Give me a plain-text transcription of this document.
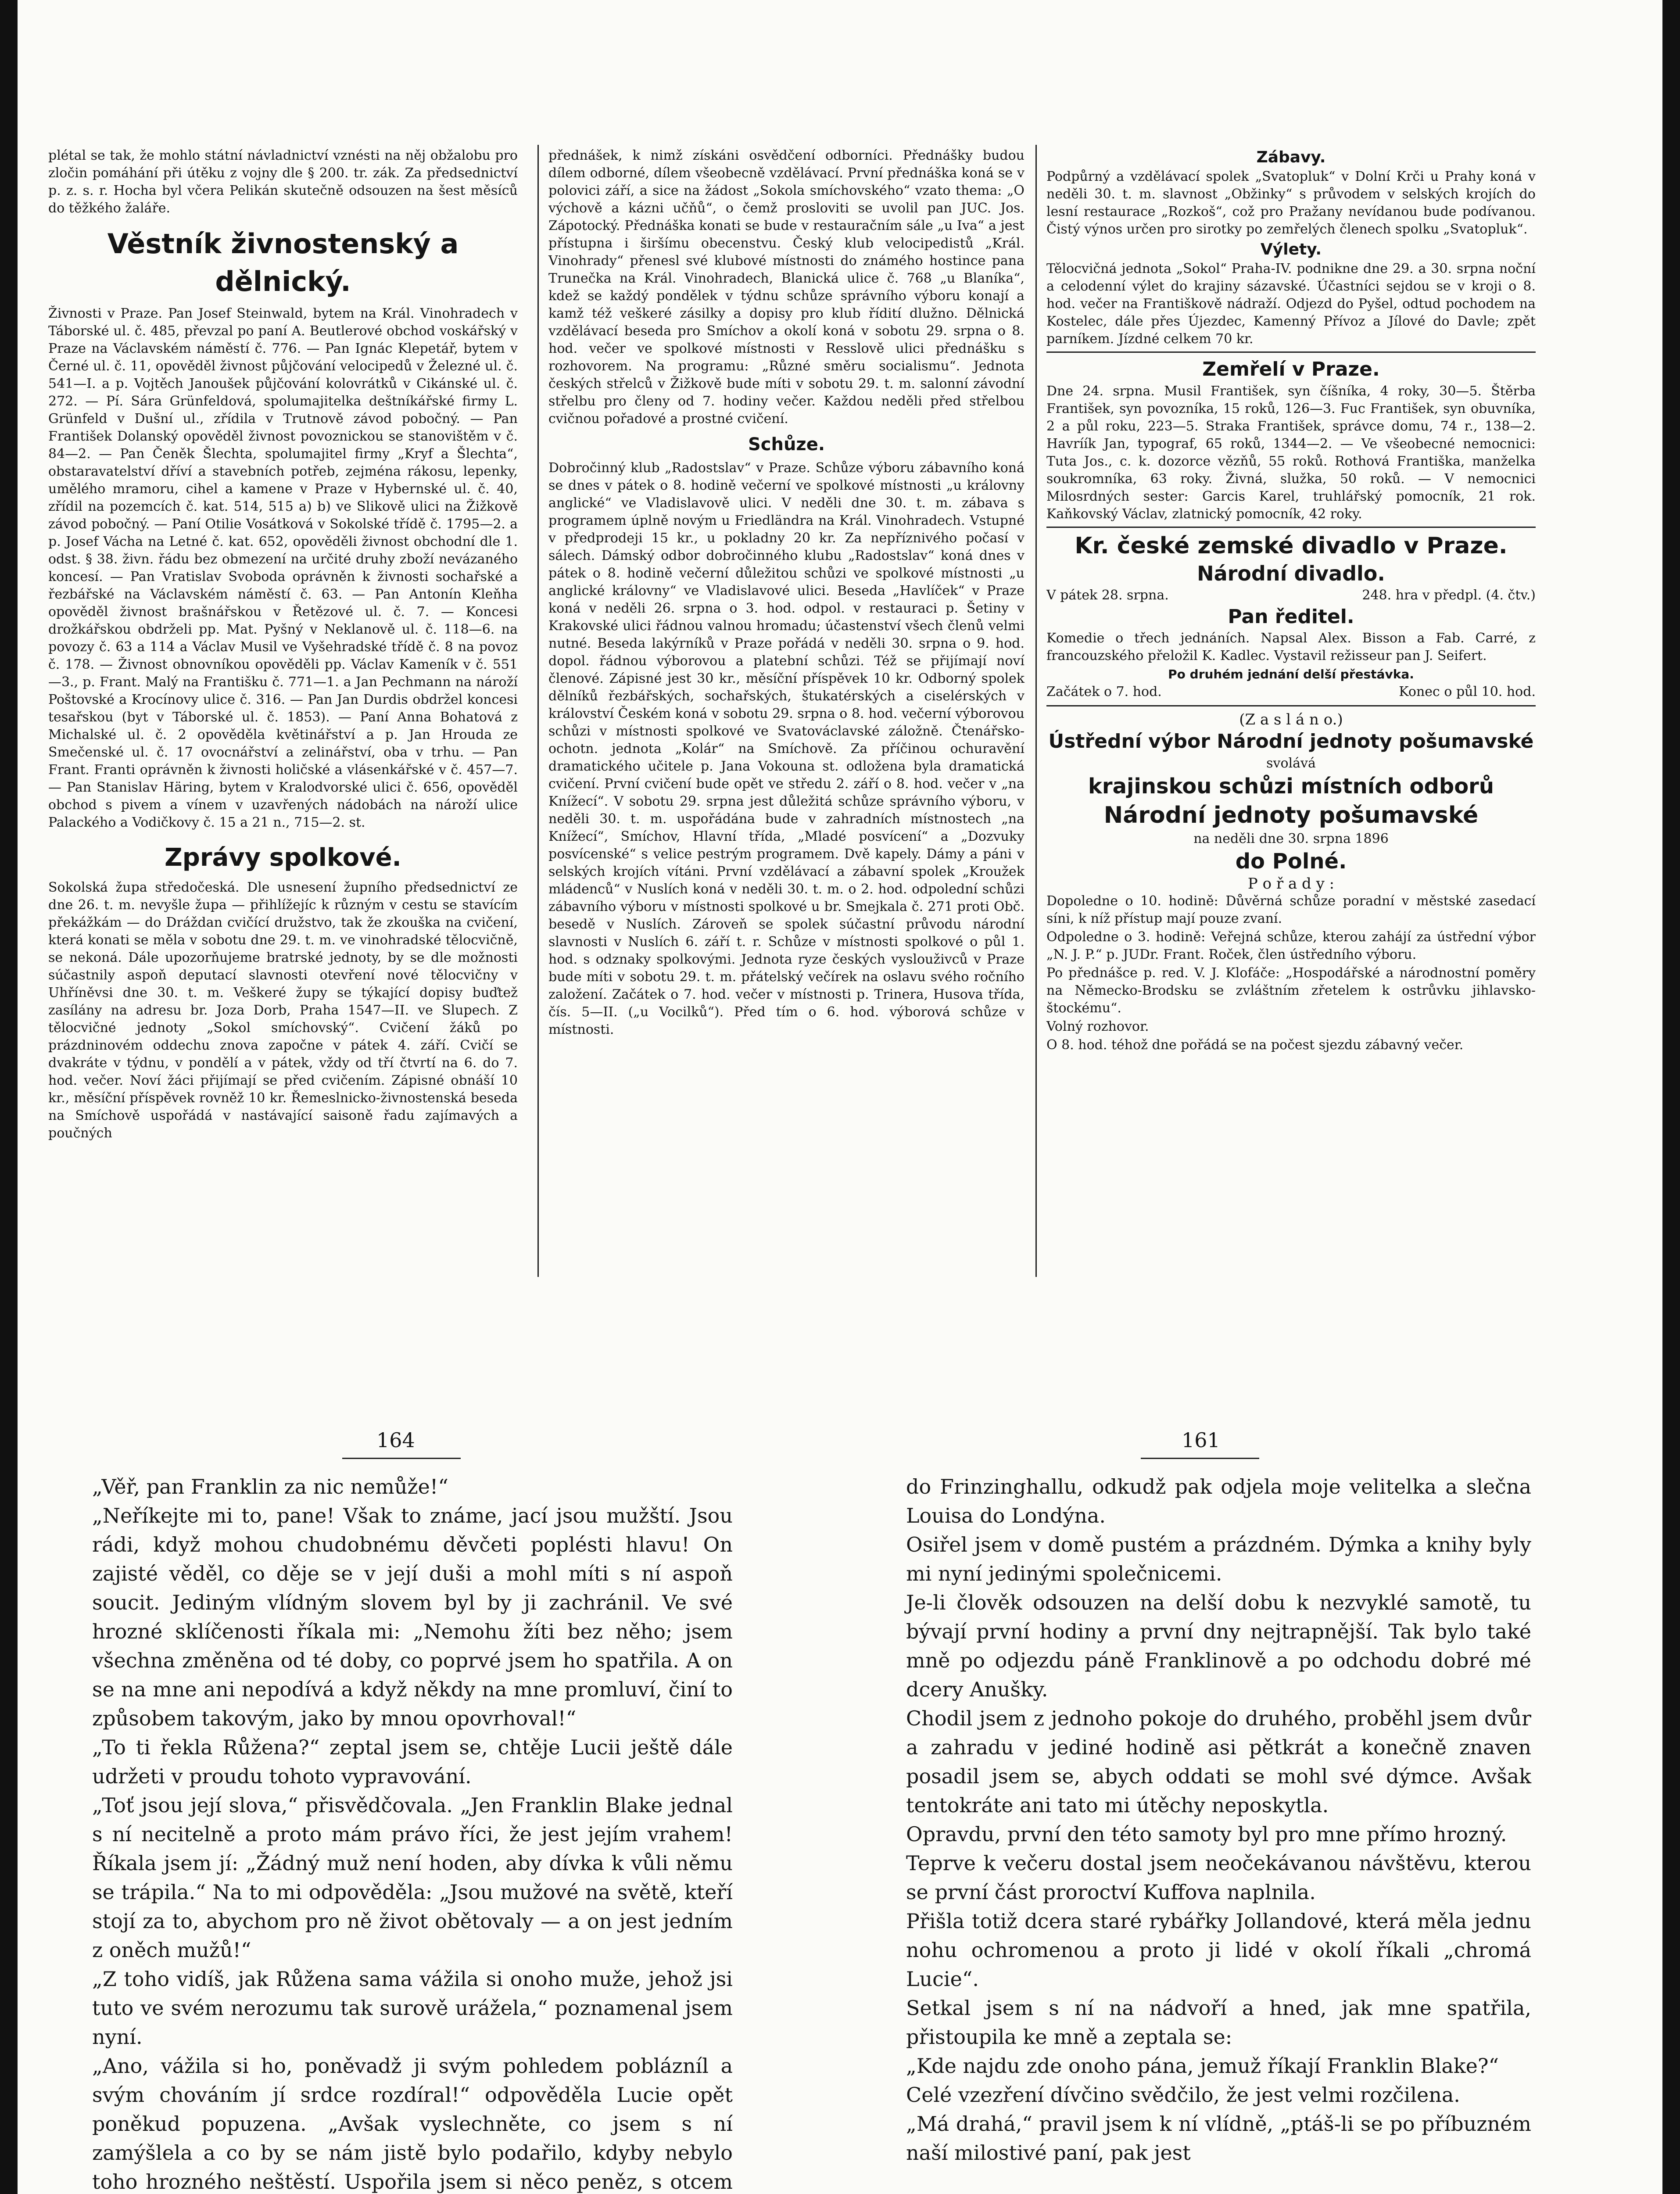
plétal se tak, že mohlo státní návladnictví vznésti na něj obžalobu pro zločin pomáhání při útěku z vojny dle § 200. tr. zák. Za předsednictví p. z. s. r. Hocha byl včera Pelikán skutečně odsouzen na šest měsíců do těžkého žaláře.

Věstník živnostenský a dělnický.

Živnosti v Praze. Pan Josef Steinwald, bytem na Král. Vinohradech v Táborské ul. č. 485, převzal po paní A. Beutlerové obchod voskářský v Praze na Václavském náměstí č. 776. — Pan Ignác Klepetář, bytem v Černé ul. č. 11, opověděl živnost půjčování velocipedů v Železné ul. č. 541—I. a p. Vojtěch Janoušek půjčování kolovrátků v Cikánské ul. č. 272. — Pí. Sára Grünfeldová, spolumajitelka deštníkářské firmy L. Grünfeld v Dušní ul., zřídila v Trutnově závod pobočný. — Pan František Dolanský opověděl živnost povoznickou se stanovištěm v č. 84—2. — Pan Čeněk Šlechta, spolumajitel firmy „Kryf a Šlechta“, obstaravatelství dříví a stavebních potřeb, zejména rákosu, lepenky, umělého mramoru, cihel a kamene v Praze v Hybernské ul. č. 40, zřídil na pozemcích č. kat. 514, 515 a) b) ve Slikově ulici na Žižkově závod pobočný. — Paní Otilie Vosátková v Sokolské třídě č. 1795—2. a p. Josef Vácha na Letné č. kat. 652, opověděli živnost obchodní dle 1. odst. § 38. živn. řádu bez obmezení na určité druhy zboží nevázaného koncesí. — Pan Vratislav Svoboda oprávněn k živnosti sochařské a řezbářské na Václavském náměstí č. 63. — Pan Antonín Kleňha opověděl živnost brašnářskou v Řetězové ul. č. 7. — Koncesi drožkářskou obdrželi pp. Mat. Pyšný v Neklanově ul. č. 118—6. na povozy č. 63 a 114 a Václav Musil ve Vyšehradské třídě č. 8 na povoz č. 178. — Živnost obnovníkou opověděli pp. Václav Kameník v č. 551—3., p. Frant. Malý na Františku č. 771—1. a Jan Pechmann na nároží Poštovské a Krocínovy ulice č. 316. — Pan Jan Durdis obdržel koncesi tesařskou (byt v Táborské ul. č. 1853). — Paní Anna Bohatová z Michalské ul. č. 2 opověděla květinářství a p. Jan Hrouda ze Smečenské ul. č. 17 ovocnářství a zelinářství, oba v trhu. — Pan Frant. Franti oprávněn k živnosti holičské a vlásenkářské v č. 457—7. — Pan Stanislav Häring, bytem v Kralodvorské ulici č. 656, opověděl obchod s pivem a vínem v uzavřených nádobách na nároží ulice Palackého a Vodičkovy č. 15 a 21 n., 715—2. st.

Zprávy spolkové.

Sokolská župa středočeská. Dle usnesení župního předsednictví ze dne 26. t. m. nevyšle župa — přihlížejíc k různým v cestu se stavícím překážkám — do Dráždan cvičící družstvo, tak že zkouška na cvičení, která konati se měla v sobotu dne 29. t. m. ve vinohradské tělocvičně, se nekoná. Dále upozorňujeme bratrské jednoty, by se dle možnosti súčastnily aspoň deputací slavnosti otevření nové tělocvičny v Uhříněvsi dne 30. t. m. Veškeré župy se týkající dopisy buďtež zasílány na adresu br. Joza Dorb, Praha 1547—II. ve Slupech. Z tělocvičné jednoty „Sokol smíchovský“. Cvičení žáků po prázdninovém oddechu znova započne v pátek 4. září. Cvičí se dvakráte v týdnu, v pondělí a v pátek, vždy od tří čtvrtí na 6. do 7. hod. večer. Noví žáci přijímají se před cvičením. Zápisné obnáší 10 kr., měsíční příspěvek rovněž 10 kr. Řemeslnicko-živnostenská beseda na Smíchově uspořádá v nastávající saisoně řadu zajímavých a poučných

přednášek, k nimž získáni osvědčení odborníci. Přednášky budou dílem odborné, dílem všeobecně vzdělávací. První přednáška koná se v polovici září, a sice na žádost „Sokola smíchovského“ vzato thema: „O výchově a kázni učňů“, o čemž prosloviti se uvolil pan JUC. Jos. Zápotocký. Přednáška konati se bude v restauračním sále „u Iva“ a jest přístupna i širšímu obecenstvu. Český klub velocipedistů „Král. Vinohrady“ přenesl své klubové místnosti do známého hostince pana Trunečka na Král. Vinohradech, Blanická ulice č. 768 „u Blaníka“, kdež se každý pondělek v týdnu schůze správního výboru konají a kamž též veškeré zásilky a dopisy pro klub řídití dlužno. Dělnická vzdělávací beseda pro Smíchov a okolí koná v sobotu 29. srpna o 8. hod. večer ve spolkové místnosti v Resslově ulici přednášku s rozhovorem. Na programu: „Různé směru socialismu“. Jednota českých střelců v Žižkově bude míti v sobotu 29. t. m. salonní závodní střelbu pro členy od 7. hodiny večer. Každou neděli před střelbou cvičnou pořadové a prostné cvičení.

Schůze.

Dobročinný klub „Radostslav“ v Praze. Schůze výboru zábavního koná se dnes v pátek o 8. hodině večerní ve spolkové místnosti „u královny anglické“ ve Vladislavově ulici. V neděli dne 30. t. m. zábava s programem úplně novým u Friedländra na Král. Vinohradech. Vstupné v předprodeji 15 kr., u pokladny 20 kr. Za nepříznivého počasí v sálech. Dámský odbor dobročinného klubu „Radostslav“ koná dnes v pátek o 8. hodině večerní důležitou schůzi ve spolkové místnosti „u anglické královny“ ve Vladislavové ulici. Beseda „Havlíček“ v Praze koná v neděli 26. srpna o 3. hod. odpol. v restauraci p. Šetiny v Krakovské ulici řádnou valnou hromadu; účastenství všech členů velmi nutné. Beseda lakýrníků v Praze pořádá v neděli 30. srpna o 9. hod. dopol. řádnou výborovou a platební schůzi. Též se přijímají noví členové. Zápisné jest 30 kr., měsíční příspěvek 10 kr. Odborný spolek dělníků řezbářských, sochařských, štukatérských a ciselérských v království Českém koná v sobotu 29. srpna o 8. hod. večerní výborovou schůzi v místnosti spolkové ve Svatováclavské záložně. Čtenářsko-ochotn. jednota „Kolár“ na Smíchově. Za příčinou ochuravění dramatického učitele p. Jana Vokouna st. odložena byla dramatická cvičení. První cvičení bude opět ve středu 2. září o 8. hod. večer v „na Knížecí“. V sobotu 29. srpna jest důležitá schůze správního výboru, v neděli 30. t. m. uspořádána bude v zahradních místnostech „na Knížecí“, Smíchov, Hlavní třída, „Mladé posvícení“ a „Dozvuky posvícenské“ s velice pestrým programem. Dvě kapely. Dámy a páni v selských krojích vítáni. První vzdělávací a zábavní spolek „Kroužek mládenců“ v Nuslích koná v neděli 30. t. m. o 2. hod. odpolední schůzi zábavního výboru v místnosti spolkové u br. Smejkala č. 271 proti Obč. besedě v Nuslích. Zároveň se spolek súčastní průvodu národní slavnosti v Nuslích 6. září t. r. Schůze v místnosti spolkové o půl 1. hod. s odznaky spolkovými. Jednota ryze českých vyslouživců v Praze bude míti v sobotu 29. t. m. přátelský večírek na oslavu svého ročního založení. Začátek o 7. hod. večer v místnosti p. Trinera, Husova třída, čís. 5—II. („u Vocilků“). Před tím o 6. hod. výborová schůze v místnosti.

Zábavy.

Podpůrný a vzdělávací spolek „Svatopluk“ v Dolní Krči u Prahy koná v neděli 30. t. m. slavnost „Obžinky“ s průvodem v selských krojích do lesní restaurace „Rozkoš“, což pro Pražany nevídanou bude podívanou. Čistý výnos určen pro sirotky po zemřelých členech spolku „Svatopluk“.

Výlety.

Tělocvičná jednota „Sokol“ Praha-IV. podnikne dne 29. a 30. srpna noční a celodenní výlet do krajiny sázavské. Účastníci sejdou se v kroji o 8. hod. večer na Františkově nádraží. Odjezd do Pyšel, odtud pochodem na Kostelec, dále přes Újezdec, Kamenný Přívoz a Jílové do Davle; zpět parníkem. Jízdné celkem 70 kr.

Zemřelí v Praze.

Dne 24. srpna. Musil František, syn číšníka, 4 roky, 30—5. Štěrba František, syn povozníka, 15 roků, 126—3. Fuc František, syn obuvníka, 2 a půl roku, 223—5. Straka František, správce domu, 74 r., 138—2. Havríík Jan, typograf, 65 roků, 1344—2. — Ve všeobecné nemocnici: Tuta Jos., c. k. dozorce vězňů, 55 roků. Rothová Františka, manželka soukromníka, 63 roky. Živná, služka, 50 roků. — V nemocnici Milosrdných sester: Garcis Karel, truhlářský pomocník, 21 rok. Kaňkovský Václav, zlatnický pomocník, 42 roky.

Kr. české zemské divadlo v Praze.
Národní divadlo.
V pátek 28. srpna.	248. hra v předpl. (4. čtv.)
Pan ředitel.

Komedie o třech jednáních. Napsal Alex. Bisson a Fab. Carré, z francouzského přeložil K. Kadlec. Vystavil režisseur pan J. Seifert.

Po druhém jednání delší přestávka.
Začátek o 7. hod.	Konec o půl 10. hod.
(Z a s l á n o.)
Ústřední výbor Národní jednoty pošumavské
svolává
krajinskou schůzi místních odborů
Národní jednoty pošumavské
na neděli dne 30. srpna 1896
do Polné.
P o ř a d y :

Dopoledne o 10. hodině: Důvěrná schůze poradní v městské zasedací síni, k níž přístup mají pouze zvaní.

Odpoledne o 3. hodině: Veřejná schůze, kterou zahájí za ústřední výbor „N. J. P.“ p. JUDr. Frant. Roček, člen ústředního výboru.

Po přednášce p. red. V. J. Klofáče: „Hospodářské a národnostní poměry na Německo-Brodsku se zvláštním zřetelem k ostrůvku jihlavsko-štockému“.

Volný rozhovor.

O 8. hod. téhož dne pořádá se na počest sjezdu zábavný večer.

164	161

„Věř, pan Franklin za nic nemůže!“

„Neříkejte mi to, pane! Však to známe, jací jsou mužští. Jsou rádi, když mohou chudobnému děvčeti poplésti hlavu! On zajisté věděl, co děje se v její duši a mohl míti s ní aspoň soucit. Jediným vlídným slovem byl by ji zachránil. Ve své hrozné sklíčenosti říkala mi: „Nemohu žíti bez něho; jsem všechna změněna od té doby, co poprvé jsem ho spatřila. A on se na mne ani nepodívá a když někdy na mne promluví, činí to způsobem takovým, jako by mnou opovrhoval!“

„To ti řekla Růžena?“ zeptal jsem se, chtěje Lucii ještě dále udržeti v proudu tohoto vypravování.

„Toť jsou její slova,“ přisvědčovala. „Jen Franklin Blake jednal s ní necitelně a proto mám právo říci, že jest jejím vrahem! Říkala jsem jí: „Žádný muž není hoden, aby dívka k vůli němu se trápila.“ Na to mi odpověděla: „Jsou mužové na světě, kteří stojí za to, abychom pro ně život obětovaly — a on jest jedním z oněch mužů!“

„Z toho vidíš, jak Růžena sama vážila si onoho muže, jehož jsi tuto ve svém nerozumu tak surově uráželа,“ poznamenal jsem nyní.

„Ano, vážila si ho, poněvadž ji svým pohledem poblázníl a svým chováním jí srdce rozdíral!“ odpověděla Lucie opět poněkud popuzena. „Avšak vyslechněte, co jsem s ní zamýšlela a co by se nám jistě bylo podařilo, kdyby nebylo toho hrozného neštěstí. Uspořila jsem si něco peněz, s otcem

do Frinzinghallu, odkudž pak odjela moje velitelka a slečna Louisa do Londýna.

Osiřel jsem v domě pustém a prázdném. Dýmka a knihy byly mi nyní jedinými společnicemi.

Je-li člověk odsouzen na delší dobu k nezvyklé samotě, tu bývají první hodiny a první dny nejtrapnější. Tak bylo také mně po odjezdu páně Franklinově a po odchodu dobré mé dcery Anušky.

Chodil jsem z jednoho pokoje do druhého, proběhl jsem dvůr a zahradu v jediné hodině asi pětkrát a konečně znaven posadil jsem se, abych oddati se mohl své dýmce. Avšak tentokráte ani tato mi útěchy neposkytla.

Opravdu, první den této samoty byl pro mne přímo hrozný.

Teprve k večeru dostal jsem neočekávanou návštěvu, kterou se první část proroctví Kuffova naplnila.

Přišla totiž dcera staré rybářky Jollandové, která měla jednu nohu ochromenou a proto ji lidé v okolí říkali „chromá Lucie“.

Setkal jsem s ní na nádvoří a hned, jak mne spatřila, přistoupila ke mně a zeptala se:

„Kde najdu zde onoho pána, jemuž říkají Franklin Blake?“

Celé vzezření dívčino svědčilo, že jest velmi rozčilena.

„Má drahá,“ pravil jsem k ní vlídně, „ptáš-li se po příbuzném naší milostivé paní, pak jest
